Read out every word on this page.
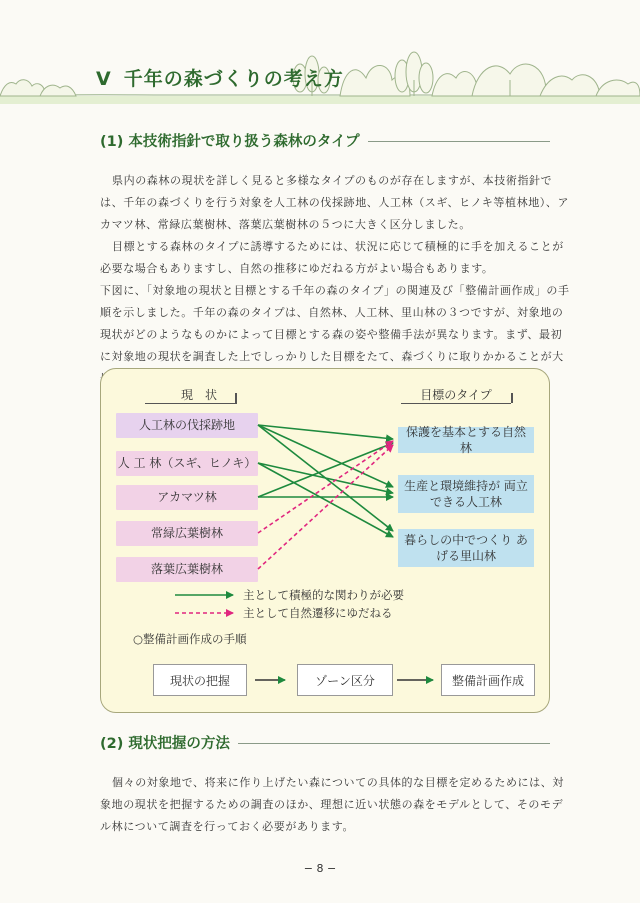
V 千年の森づくりの考え方
(1) 本技術指針で取り扱う森林のタイプ

県内の森林の現状を詳しく見ると多様なタイプのものが存在しますが、本技術指針では、千年の森づくりを行う対象を人工林の伐採跡地、人工林（スギ、ヒノキ等植林地）、アカマツ林、常緑広葉樹林、落葉広葉樹林の５つに大きく区分しました。

目標とする森林のタイプに誘導するためには、状況に応じて積極的に手を加えることが必要な場合もありますし、自然の推移にゆだねる方がよい場合もあります。

下図に、「対象地の現状と目標とする千年の森のタイプ」の関連及び「整備計画作成」の手順を示しました。千年の森のタイプは、自然林、人工林、里山林の３つですが、対象地の現状がどのようなものかによって目標とする森の姿や整備手法が異なります。まず、最初に対象地の現状を調査した上でしっかりした目標をたて、森づくりに取りかかることが大

現　状	目標のタイプ
人工林の伐採跡地
人 工 林（スギ、ヒノキ）
アカマツ林
常緑広葉樹林
落葉広葉樹林
保護を基本とする自然林
生産と環境維持が 両立できる人工林
暮らしの中でつくり あげる里山林
主として積極的な関わりが必要
主として自然遷移にゆだねる
○整備計画作成の手順
現状の把握	ゾーン区分	整備計画作成
(2) 現状把握の方法

個々の対象地で、将来に作り上げたい森についての具体的な目標を定めるためには、対象地の現状を把握するための調査のほか、理想に近い状態の森をモデルとして、そのモデル林について調査を行っておく必要があります。

− 8 −
